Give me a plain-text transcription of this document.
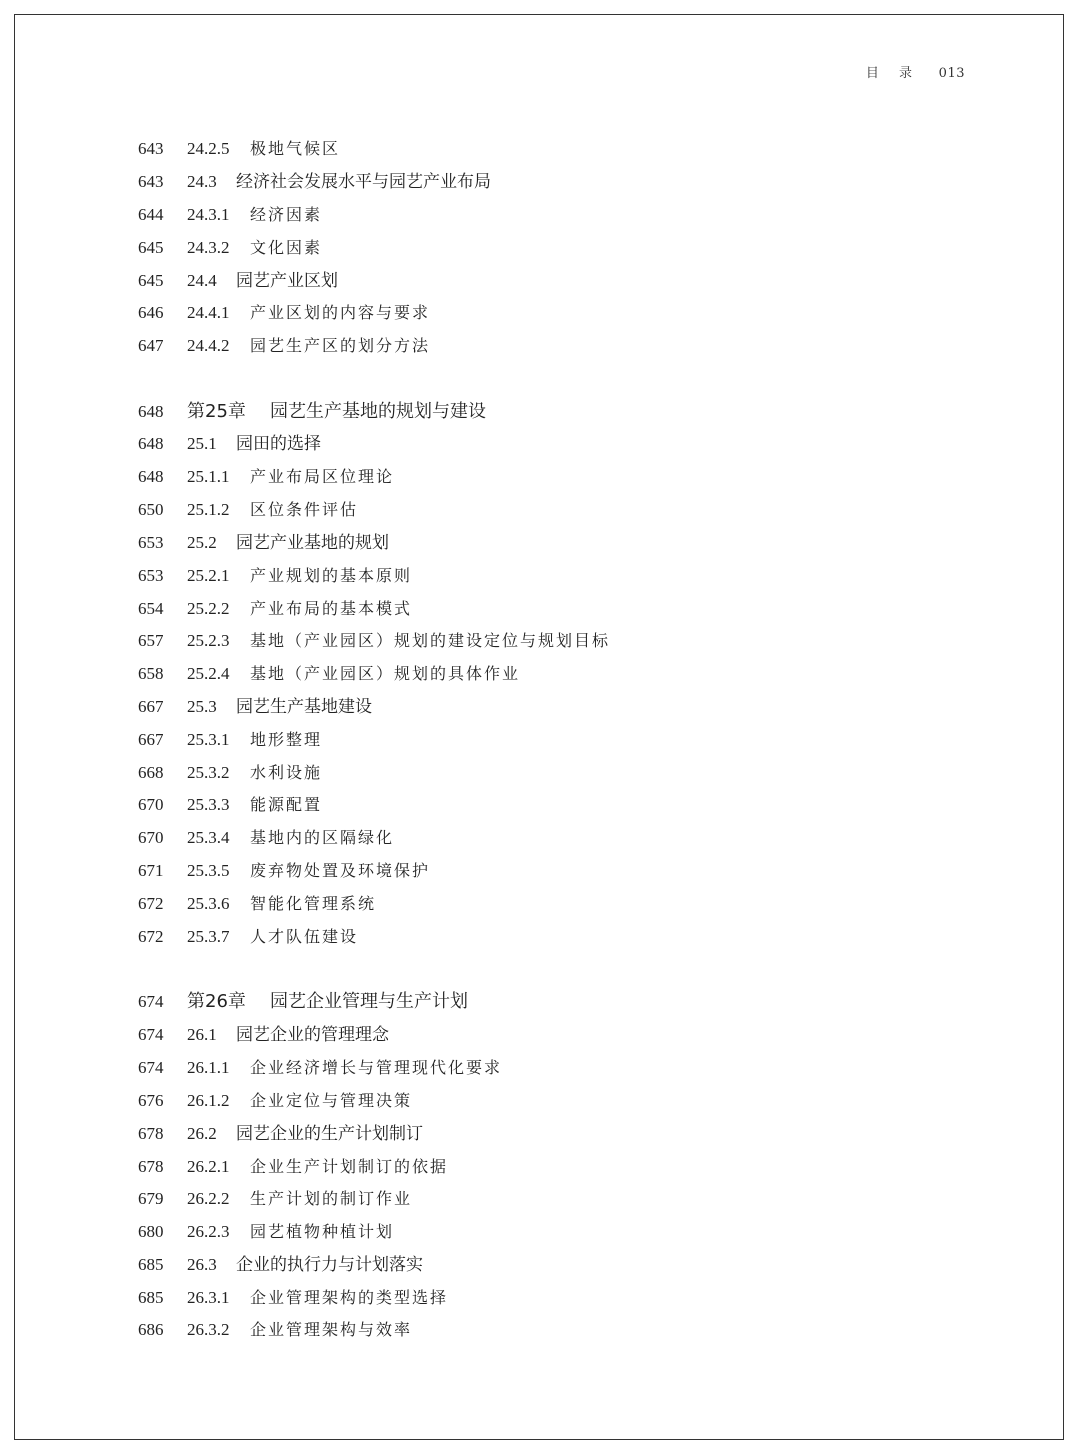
目 录 013
643	24.2.5 极地气候区
643	24.3 经济社会发展水平与园艺产业布局
644	24.3.1 经济因素
645	24.3.2 文化因素
645	24.4 园艺产业区划
646	24.4.1 产业区划的内容与要求
647	24.4.2 园艺生产区的划分方法
648	第25章 园艺生产基地的规划与建设
648	25.1 园田的选择
648	25.1.1 产业布局区位理论
650	25.1.2 区位条件评估
653	25.2 园艺产业基地的规划
653	25.2.1 产业规划的基本原则
654	25.2.2 产业布局的基本模式
657	25.2.3 基地（产业园区）规划的建设定位与规划目标
658	25.2.4 基地（产业园区）规划的具体作业
667	25.3 园艺生产基地建设
667	25.3.1 地形整理
668	25.3.2 水利设施
670	25.3.3 能源配置
670	25.3.4 基地内的区隔绿化
671	25.3.5 废弃物处置及环境保护
672	25.3.6 智能化管理系统
672	25.3.7 人才队伍建设
674	第26章 园艺企业管理与生产计划
674	26.1 园艺企业的管理理念
674	26.1.1 企业经济增长与管理现代化要求
676	26.1.2 企业定位与管理决策
678	26.2 园艺企业的生产计划制订
678	26.2.1 企业生产计划制订的依据
679	26.2.2 生产计划的制订作业
680	26.2.3 园艺植物种植计划
685	26.3 企业的执行力与计划落实
685	26.3.1 企业管理架构的类型选择
686	26.3.2 企业管理架构与效率
